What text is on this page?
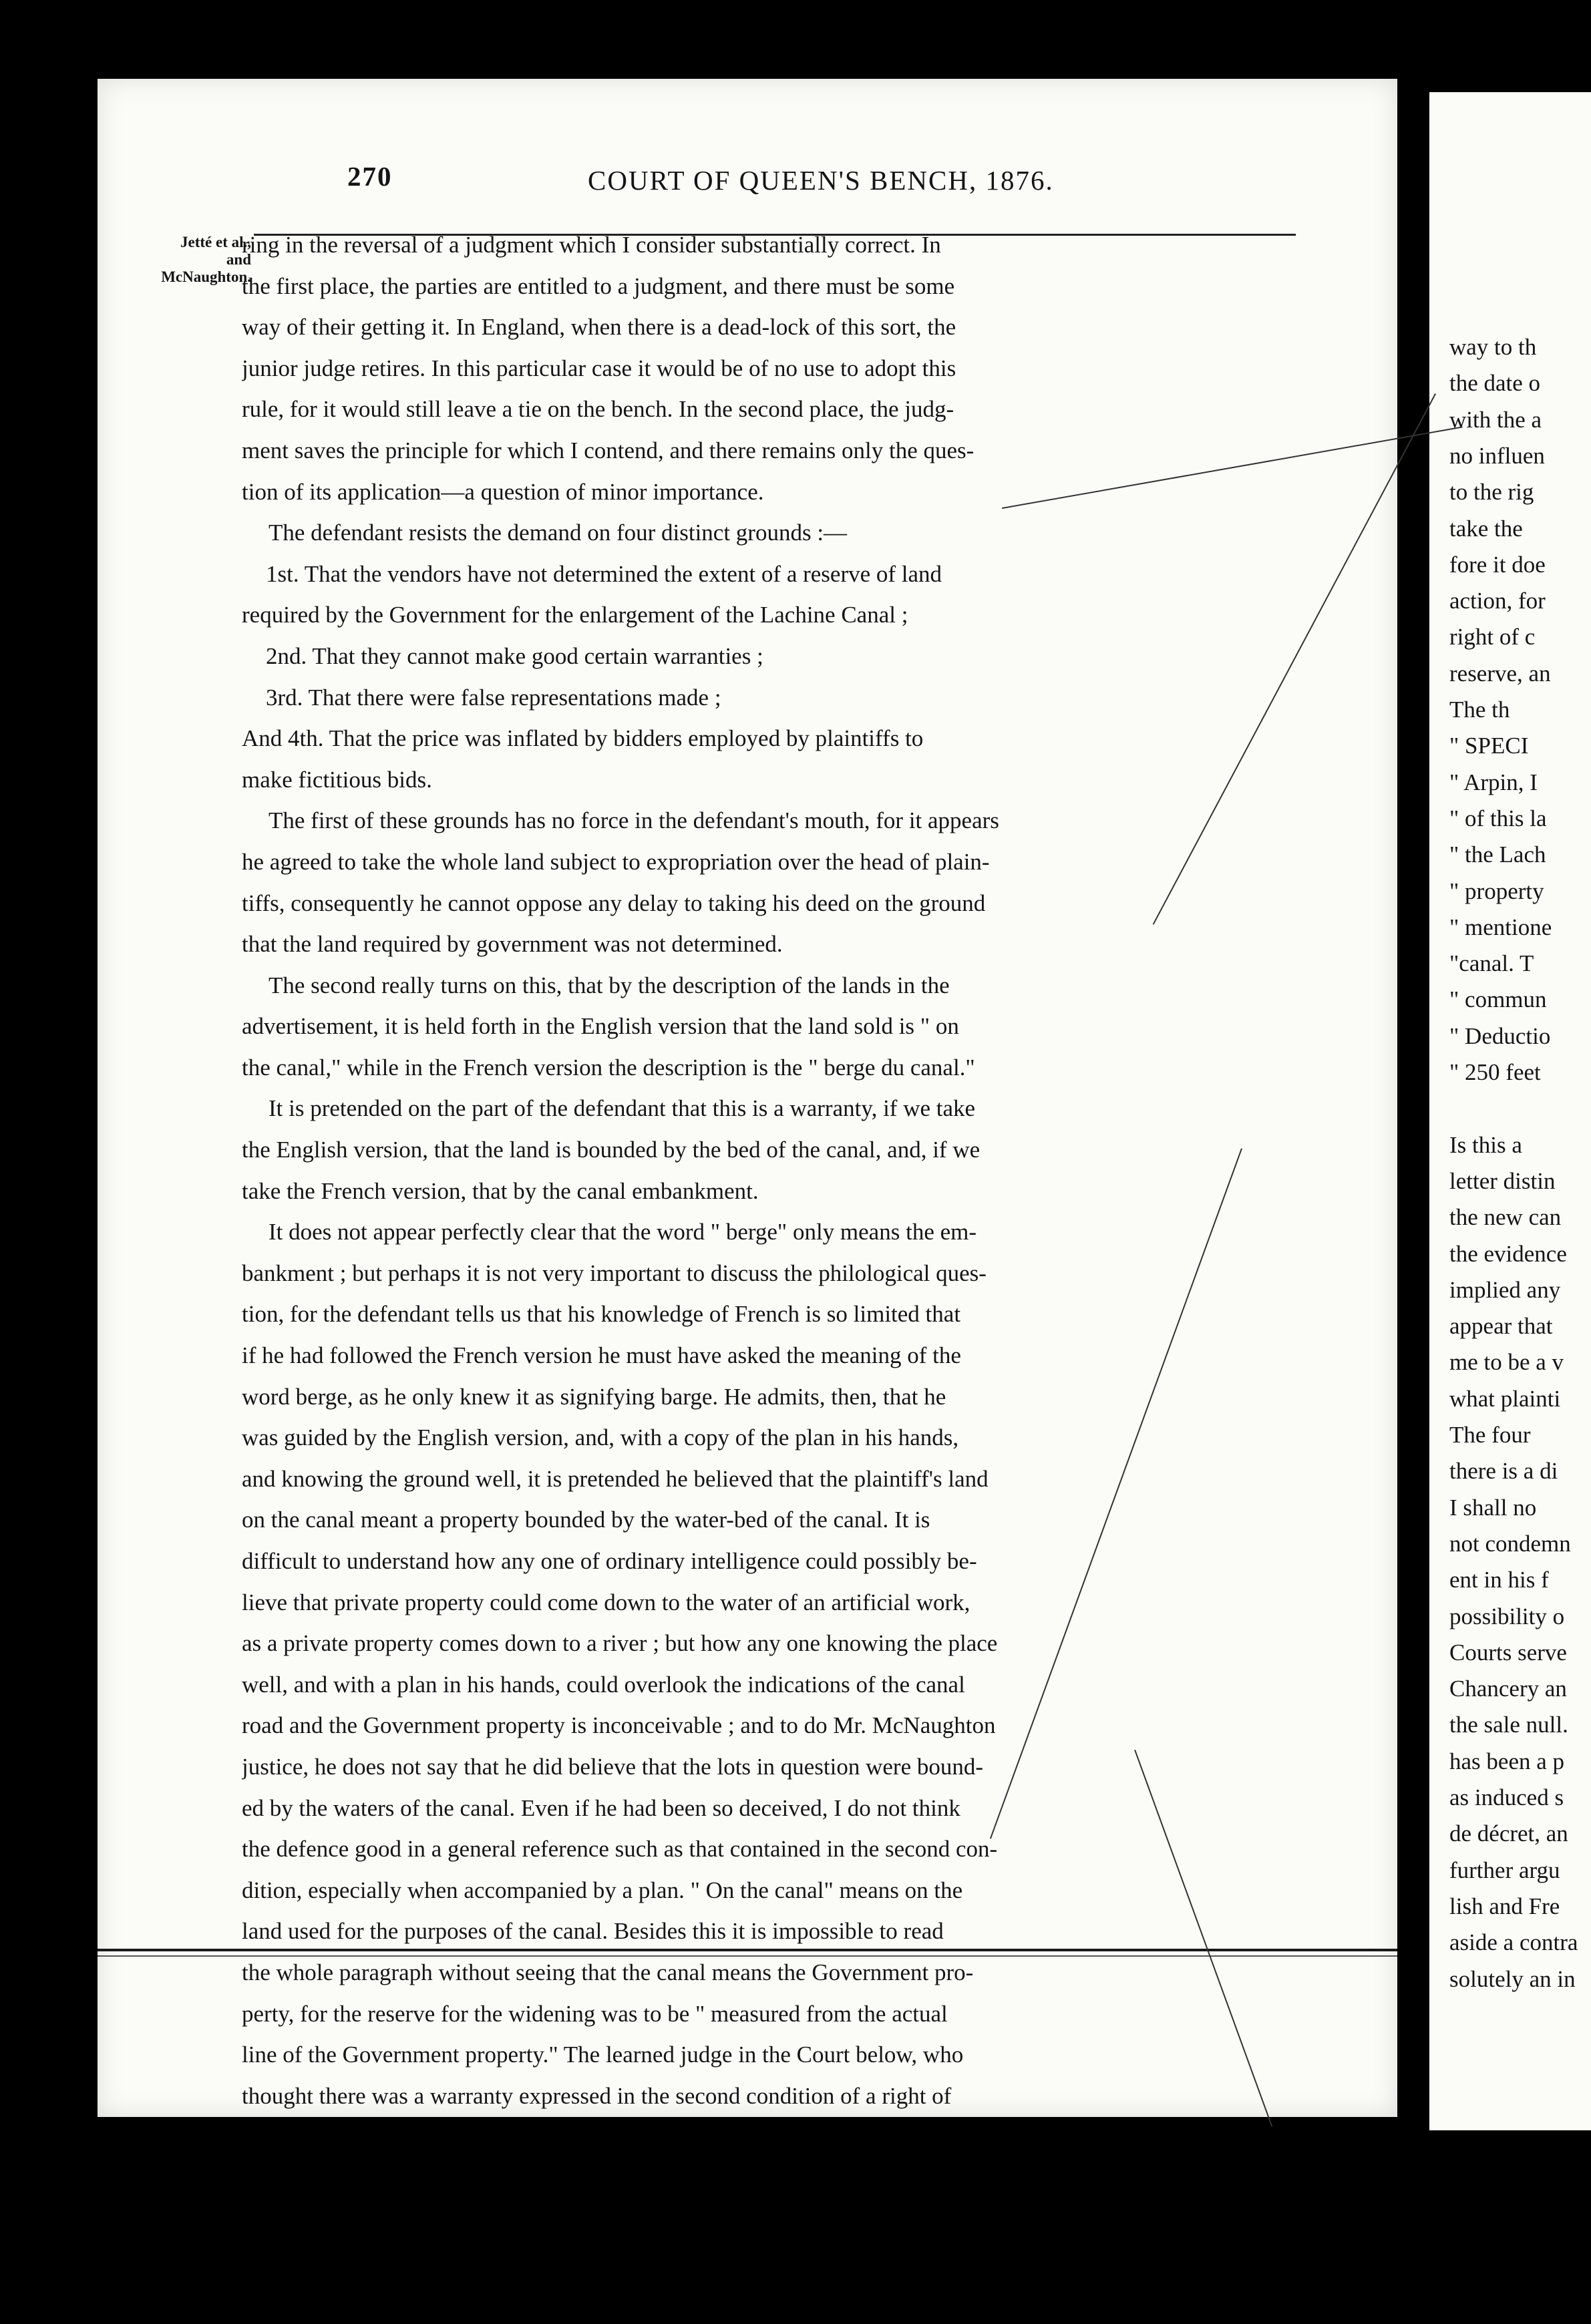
270	COURT OF QUEEN'S BENCH, 1876.
Jetté et al.,
and
McNaughton.
ring in the reversal of a judgment which I consider substantially correct. In
the first place, the parties are entitled to a judgment, and there must be some
way of their getting it. In England, when there is a dead-lock of this sort, the
junior judge retires. In this particular case it would be of no use to adopt this
rule, for it would still leave a tie on the bench. In the second place, the judg-
ment saves the principle for which I contend, and there remains only the ques-
tion of its application—a question of minor importance.
The defendant resists the demand on four distinct grounds :—
1st. That the vendors have not determined the extent of a reserve of land
required by the Government for the enlargement of the Lachine Canal ;
2nd. That they cannot make good certain warranties ;
3rd. That there were false representations made ;
And 4th. That the price was inflated by bidders employed by plaintiffs to
make fictitious bids.
The first of these grounds has no force in the defendant's mouth, for it appears
he agreed to take the whole land subject to expropriation over the head of plain-
tiffs, consequently he cannot oppose any delay to taking his deed on the ground
that the land required by government was not determined.
The second really turns on this, that by the description of the lands in the
advertisement, it is held forth in the English version that the land sold is " on
the canal," while in the French version the description is the " berge du canal."
It is pretended on the part of the defendant that this is a warranty, if we take
the English version, that the land is bounded by the bed of the canal, and, if we
take the French version, that by the canal embankment.
It does not appear perfectly clear that the word " berge" only means the em-
bankment ; but perhaps it is not very important to discuss the philological ques-
tion, for the defendant tells us that his knowledge of French is so limited that
if he had followed the French version he must have asked the meaning of the
word berge, as he only knew it as signifying barge. He admits, then, that he
was guided by the English version, and, with a copy of the plan in his hands,
and knowing the ground well, it is pretended he believed that the plaintiff's land
on the canal meant a property bounded by the water-bed of the canal. It is
difficult to understand how any one of ordinary intelligence could possibly be-
lieve that private property could come down to the water of an artificial work,
as a private property comes down to a river ; but how any one knowing the place
well, and with a plan in his hands, could overlook the indications of the canal
road and the Government property is inconceivable ; and to do Mr. McNaughton
justice, he does not say that he did believe that the lots in question were bound-
ed by the waters of the canal. Even if he had been so deceived, I do not think
the defence good in a general reference such as that contained in the second con-
dition, especially when accompanied by a plan. " On the canal" means on the
land used for the purposes of the canal. Besides this it is impossible to read
the whole paragraph without seeing that the canal means the Government pro-
perty, for the reserve for the widening was to be " measured from the actual
line of the Government property." The learned judge in the Court below, who
thought there was a warranty expressed in the second condition of a right of
way to th
the date o
with the a
no influen
to the rig
take the
fore it doe
action, for
right of c
reserve, an
The th
" SPECI
" Arpin, I
" of this la
" the Lach
" property
" mentione
"canal. T
" commun
" Deductio
" 250 feet
Is this a
letter distin
the new can
the evidence
implied any
appear that
me to be a v
what plainti
The four
there is a di
I shall no
not condemn
ent in his f
possibility o
Courts serve
Chancery an
the sale null.
has been a p
as induced s
de décret, an
further argu
lish and Fre
aside a contra
solutely an in
